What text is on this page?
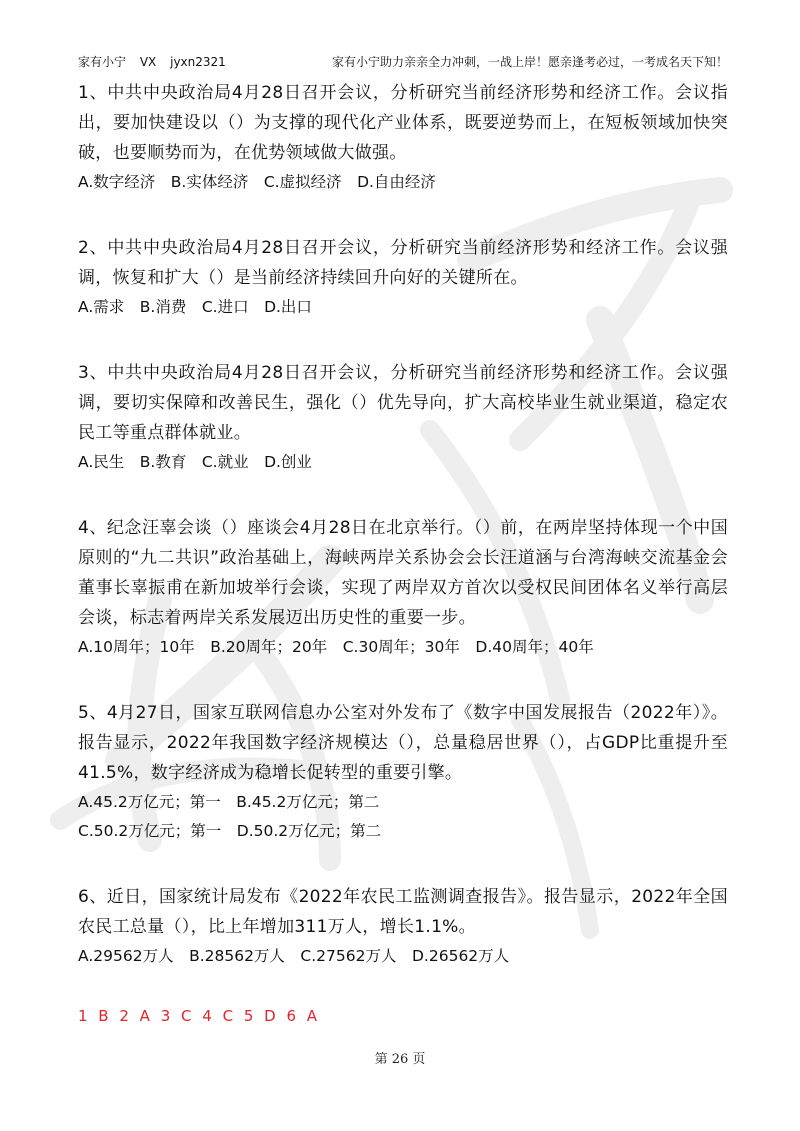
家有小宁 VX jyxn2321	家有小宁助力亲亲全力冲刺，一战上岸！愿亲逢考必过，一考成名天下知！
1、中共中央政治局4月28日召开会议，分析研究当前经济形势和经济工作。会议指出，要加快建设以（）为支撑的现代化产业体系，既要逆势而上，在短板领域加快突破，也要顺势而为，在优势领域做大做强。
A.数字经济　B.实体经济　C.虚拟经济　D.自由经济
2、中共中央政治局4月28日召开会议，分析研究当前经济形势和经济工作。会议强调，恢复和扩大（）是当前经济持续回升向好的关键所在。
A.需求　B.消费　C.进口　D.出口
3、中共中央政治局4月28日召开会议，分析研究当前经济形势和经济工作。会议强调，要切实保障和改善民生，强化（）优先导向，扩大高校毕业生就业渠道，稳定农民工等重点群体就业。
A.民生　B.教育　C.就业　D.创业
4、纪念汪辜会谈（）座谈会4月28日在北京举行。（）前，在两岸坚持体现一个中国原则的“九二共识”政治基础上，海峡两岸关系协会会长汪道涵与台湾海峡交流基金会董事长辜振甫在新加坡举行会谈，实现了两岸双方首次以受权民间团体名义举行高层会谈，标志着两岸关系发展迈出历史性的重要一步。
A.10周年；10年　B.20周年；20年　C.30周年；30年　D.40周年；40年
5、4月27日，国家互联网信息办公室对外发布了《数字中国发展报告（2022年）》。报告显示，2022年我国数字经济规模达（），总量稳居世界（），占GDP比重提升至41.5%，数字经济成为稳增长促转型的重要引擎。
A.45.2万亿元；第一　B.45.2万亿元；第二
C.50.2万亿元；第一　D.50.2万亿元；第二
6、近日，国家统计局发布《2022年农民工监测调查报告》。报告显示，2022年全国农民工总量（），比上年增加311万人，增长1.1%。
A.29562万人　B.28562万人　C.27562万人　D.26562万人
1 B 2 A 3 C 4 C 5 D 6 A
第 26 页
